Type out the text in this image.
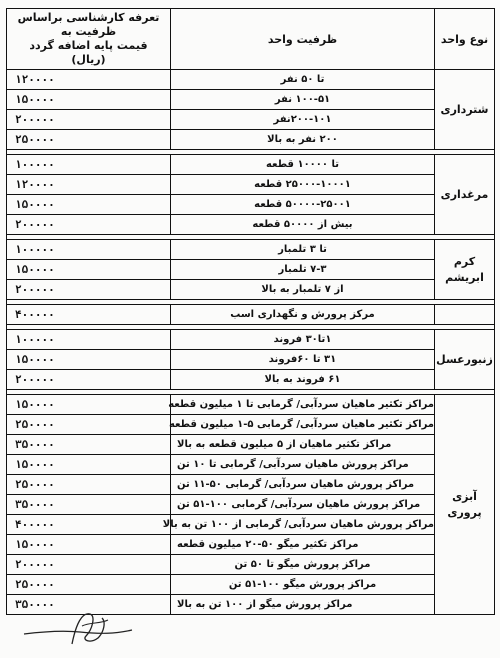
نوع واحد	ظرفیت واحد	تعرفه کارشناسی براساس ظرفیت به
قیمت پایه اضافه گردد (ریال)

شترداری	تا ۵۰ نفر	۱۲۰۰۰۰
	۱۰۰-۵۱ نفر	۱۵۰۰۰۰
	۲۰۰-۱۰۱نفر	۲۰۰۰۰۰
	۲۰۰ نفر به بالا	۲۵۰۰۰۰

مرغداری	تا ۱۰۰۰۰ قطعه	۱۰۰۰۰۰
	۲۵۰۰۰-۱۰۰۰۱ قطعه	۱۲۰۰۰۰
	۵۰۰۰۰-۲۵۰۰۱ قطعه	۱۵۰۰۰۰
	بیش از ۵۰۰۰۰ قطعه	۲۰۰۰۰۰

کرم
ابریشم	تا ۳ تلمبار	۱۰۰۰۰۰
	۷-۳ تلمبار	۱۵۰۰۰۰
	از ۷ تلمبار به بالا	۲۰۰۰۰۰

	مرکز پرورش و نگهداری اسب	۴۰۰۰۰۰

زنبورعسل	۱تا۳۰ فروند	۱۰۰۰۰۰
	۳۱ تا ۶۰فروند	۱۵۰۰۰۰
	۶۱ فروند به بالا	۲۰۰۰۰۰

آبزی
پروری	مراکز تکثیر ماهیان سردآبی/ گرمابی تا ۱ میلیون قطعه	۱۵۰۰۰۰
	مراکز تکثیر ماهیان سردآبی/ گرمابی ۵-۱ میلیون قطعه	۲۵۰۰۰۰
	مراکز تکثیر ماهیان از ۵ میلیون قطعه به بالا	۳۵۰۰۰۰
	مراکز پرورش ماهیان سردآبی/ گرمابی تا ۱۰ تن	۱۵۰۰۰۰
	مراکز پرورش ماهیان سردآبی/ گرمابی ۵۰-۱۱ تن	۲۵۰۰۰۰
	مراکز پرورش ماهیان سردآبی/ گرمابی ۱۰۰-۵۱ تن	۳۵۰۰۰۰
	مراکز پرورش ماهیان سردآبی/ گرمابی از ۱۰۰ تن به بالا	۴۰۰۰۰۰
	مراکز تکثیر میگو ۵۰-۲۰ میلیون قطعه	۱۵۰۰۰۰
	مراکز پرورش میگو تا ۵۰ تن	۲۰۰۰۰۰
	مراکز پرورش میگو ۱۰۰-۵۱ تن	۲۵۰۰۰۰
	مراکز پرورش میگو از ۱۰۰ تن به بالا	۳۵۰۰۰۰
